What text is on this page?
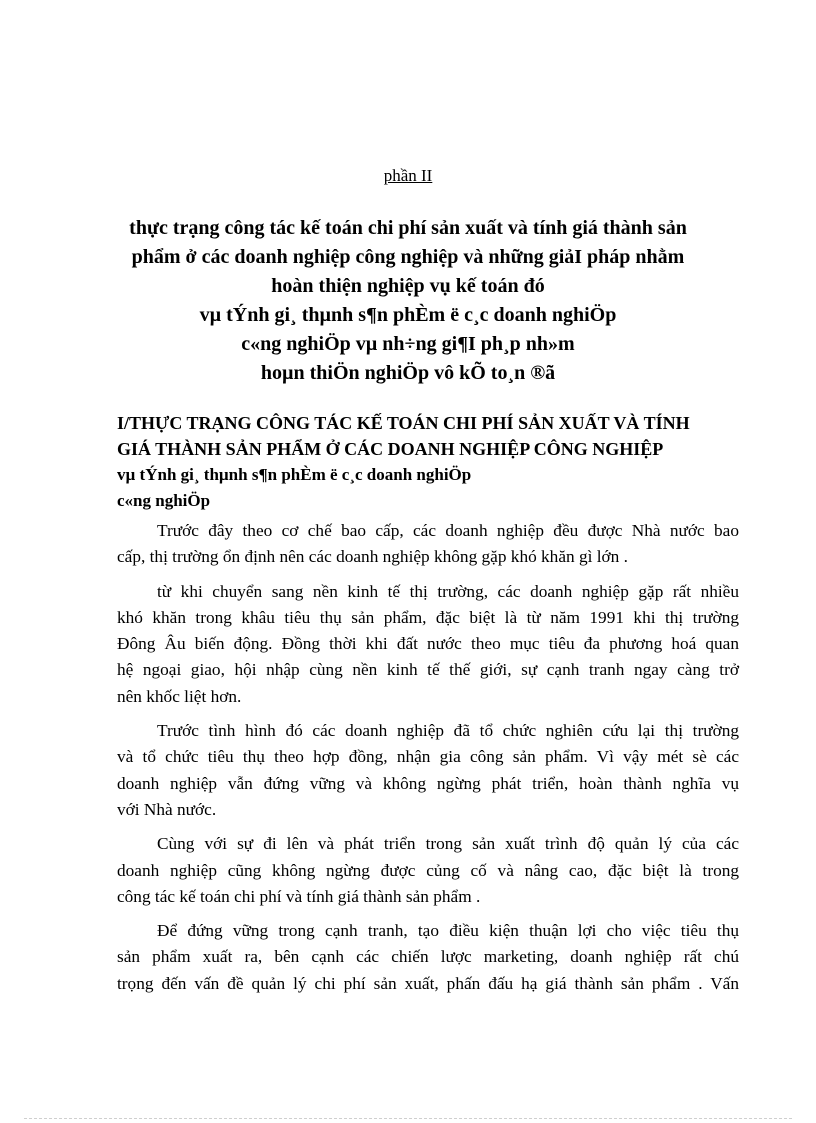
phần II
thực trạng công tác kế toán chi phí sản xuất và tính giá thành sản
phẩm ở các doanh nghiệp công nghiệp và những giảI pháp nhằm
hoàn thiện nghiệp vụ kế toán đó
vµ tÝnh gi¸ thµnh s¶n phÈm ë c¸c doanh nghiÖp
c«ng nghiÖp vµ nh÷ng gi¶I ph¸p nh»m
hoµn thiÖn nghiÖp vô kÕ to¸n ®ã
I/THỰC TRẠNG CÔNG TÁC KẾ TOÁN CHI PHÍ SẢN XUẤT VÀ TÍNH
GIÁ THÀNH SẢN PHẨM Ở CÁC DOANH NGHIỆP CÔNG NGHIỆP
vµ tÝnh gi¸ thµnh s¶n phÈm ë c¸c doanh nghiÖp
c«ng nghiÖp
Trước đây theo cơ chế bao cấp, các doanh nghiệp đều được Nhà nước bao
cấp, thị trường ổn định nên các doanh nghiệp không gặp khó khăn gì lớn .
từ khi chuyển sang nền kinh tế thị trường, các doanh nghiệp gặp rất nhiều
khó khăn trong khâu tiêu thụ sản phẩm, đặc biệt là từ năm 1991 khi thị trường
Đông Âu biến động. Đồng thời khi đất nước theo mục tiêu đa phương hoá quan
hệ ngoại giao, hội nhập cùng nền kinh tế thế giới, sự cạnh tranh ngay càng trở
nên khốc liệt hơn.
Trước tình hình đó các doanh nghiệp đã tổ chức nghiên cứu lại thị trường
và tổ chức tiêu thụ theo hợp đồng, nhận gia công sản phẩm. Vì vậy mét sè các
doanh nghiệp vẫn đứng vững và không ngừng phát triển, hoàn thành nghĩa vụ
với Nhà nước.
Cùng với sự đi lên và phát triển trong sản xuất trình độ quản lý của các
doanh nghiệp cũng không ngừng được củng cố và nâng cao, đặc biệt là trong
công tác kế toán chi phí và tính giá thành sản phẩm .
Để đứng vững trong cạnh tranh, tạo điều kiện thuận lợi cho việc tiêu thụ
sản phẩm xuất ra, bên cạnh các chiến lược marketing, doanh nghiệp rất chú
trọng đến vấn đề quản lý chi phí sản xuất, phấn đấu hạ giá thành sản phẩm . Vấn
